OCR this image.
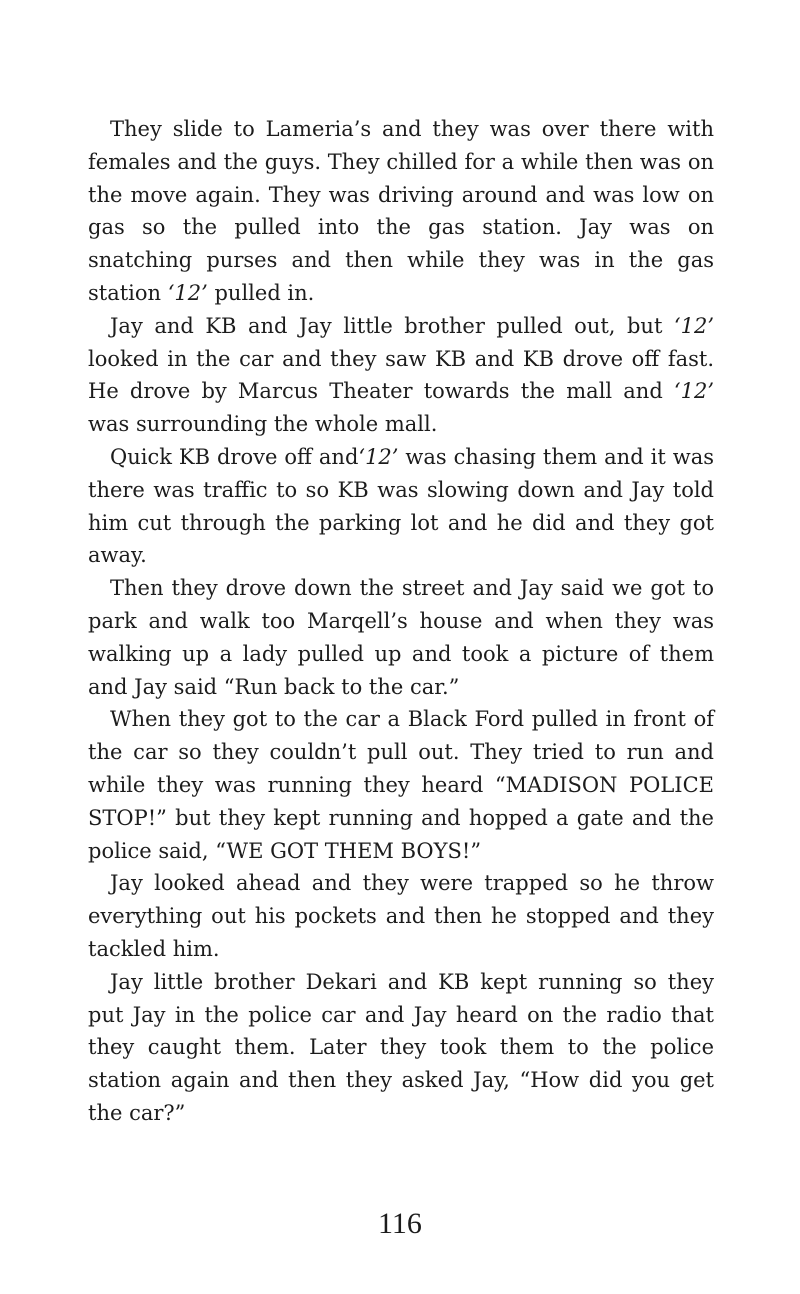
They slide to Lameria’s and they was over there with females and the guys. They chilled for a while then was on the move again. They was driving around and was low on gas so the pulled into the gas station. Jay was on snatching purses and then while they was in the gas station ‘12’ pulled in.

Jay and KB and Jay little brother pulled out, but ‘12’ looked in the car and they saw KB and KB drove off fast. He drove by Marcus Theater towards the mall and ‘12’ was surrounding the whole mall.

Quick KB drove off and‘12’ was chasing them and it was there was traffic to so KB was slowing down and Jay told him cut through the parking lot and he did and they got away.

Then they drove down the street and Jay said we got to park and walk too Marqell’s house and when they was walking up a lady pulled up and took a picture of them and Jay said “Run back to the car.”

When they got to the car a Black Ford pulled in front of the car so they couldn’t pull out. They tried to run and while they was running they heard “MADISON POLICE STOP!” but they kept running and hopped a gate and the police said, “WE GOT THEM BOYS!”

Jay looked ahead and they were trapped so he throw everything out his pockets and then he stopped and they tackled him.

Jay little brother Dekari and KB kept running so they put Jay in the police car and Jay heard on the radio that they caught them. Later they took them to the police station again and then they asked Jay, “How did you get the car?”

116
